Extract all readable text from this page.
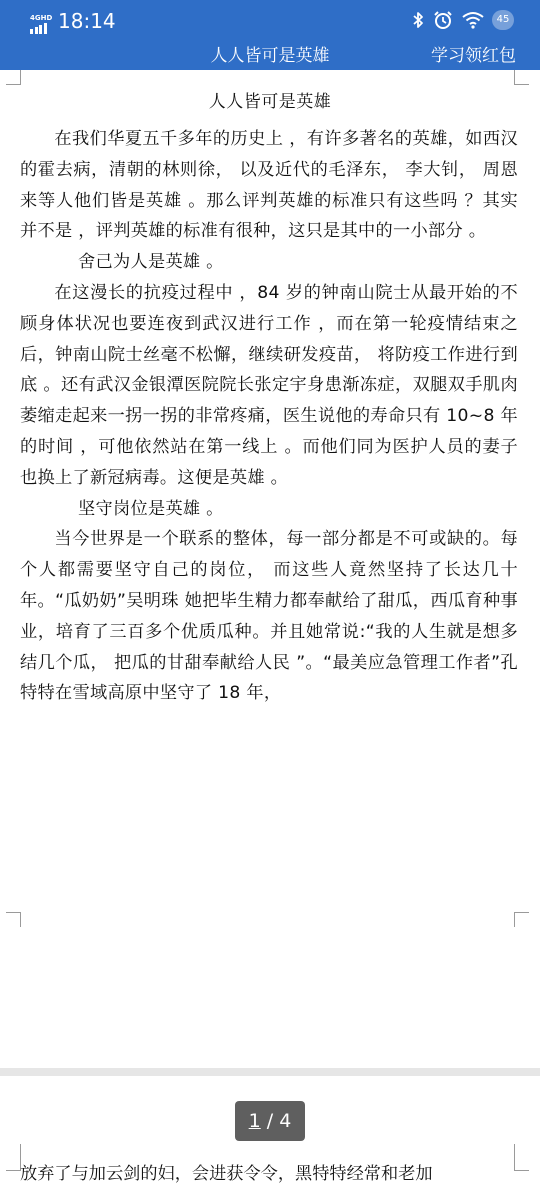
4GHD 18:14	45
人人皆可是英雄	学习领红包
人人皆可是英雄

在我们华夏五千多年的历史上 ，有许多著名的英雄，如西汉的霍去病，清朝的林则徐， 以及近代的毛泽东， 李大钊， 周恩来等人他们皆是英雄 。那么评判英雄的标准只有这些吗 ？其实并不是 ，评判英雄的标准有很种，这只是其中的一小部分 。

舍己为人是英雄 。

在这漫长的抗疫过程中 ，84 岁的钟南山院士从最开始的不顾身体状况也要连夜到武汉进行工作 ，而在第一轮疫情结束之后，钟南山院士丝毫不松懈，继续研发疫苗， 将防疫工作进行到底 。还有武汉金银潭医院院长张定宇身患渐冻症，双腿双手肌肉萎缩走起来一拐一拐的非常疼痛，医生说他的寿命只有 10~8 年的时间 ，可他依然站在第一线上 。而他们同为医护人员的妻子也换上了新冠病毒。这便是英雄 。

坚守岗位是英雄 。

当今世界是一个联系的整体，每一部分都是不可或缺的。每个人都需要坚守自己的岗位， 而这些人竟然坚持了长达几十年。“瓜奶奶”吴明珠 她把毕生精力都奉献给了甜瓜，西瓜育种事业，培育了三百多个优质瓜种。并且她常说:“我的人生就是想多结几个瓜， 把瓜的甘甜奉献给人民 ”。“最美应急管理工作者”孔特特在雪域高原中坚守了 18 年，

放弃了与加云剑的妇，会进获令令，黑特特经常和老加
1 / 4
